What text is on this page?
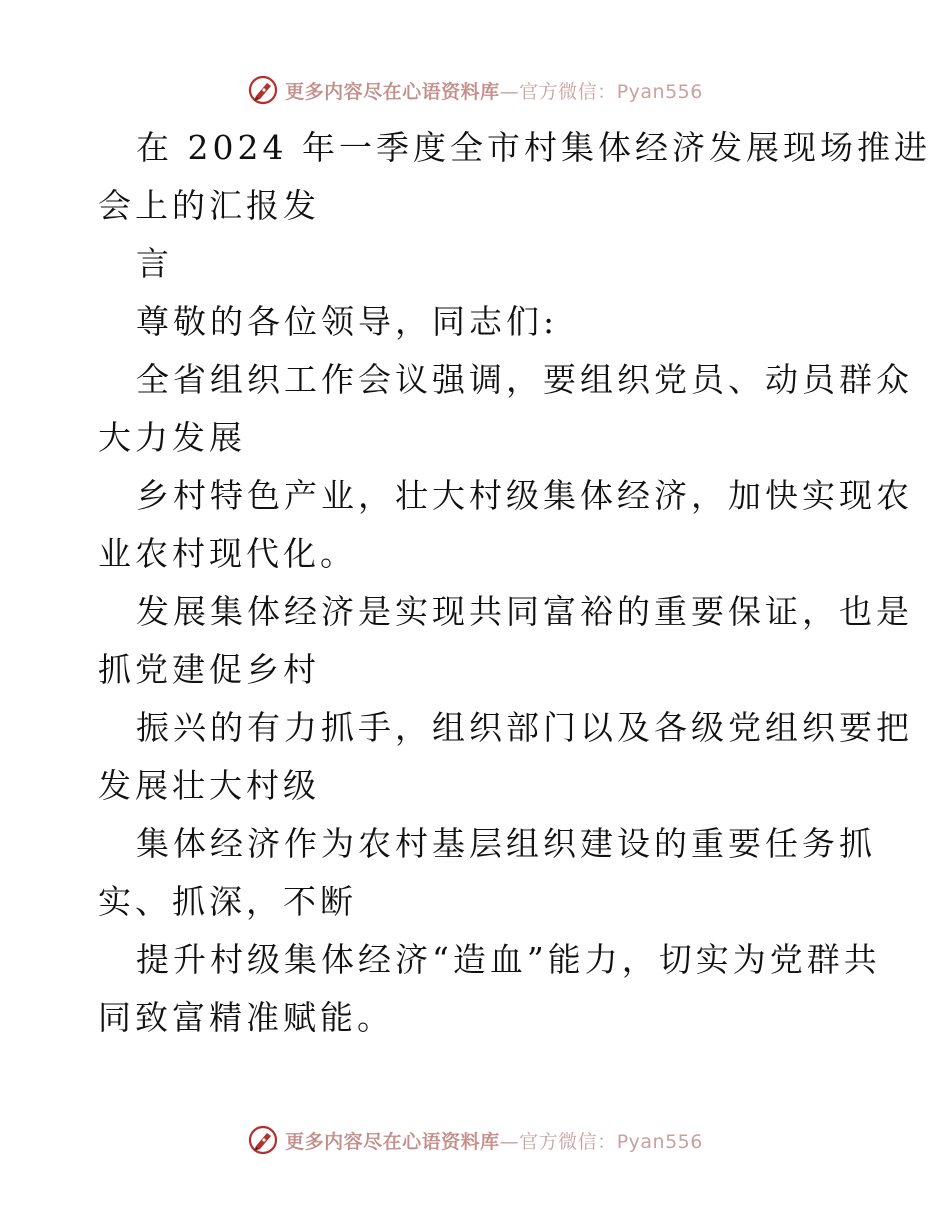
更多内容尽在心语资料库—官方微信：Pyan556
在 2024 年一季度全市村集体经济发展现场推进
会上的汇报发
言
尊敬的各位领导，同志们:
全省组织工作会议强调，要组织党员、动员群众
大力发展
乡村特色产业，壮大村级集体经济，加快实现农
业农村现代化。
发展集体经济是实现共同富裕的重要保证，也是
抓党建促乡村
振兴的有力抓手，组织部门以及各级党组织要把
发展壮大村级
集体经济作为农村基层组织建设的重要任务抓
实、抓深，不断
提升村级集体经济“造血”能力，切实为党群共
同致富精准赋能。
更多内容尽在心语资料库—官方微信：Pyan556
